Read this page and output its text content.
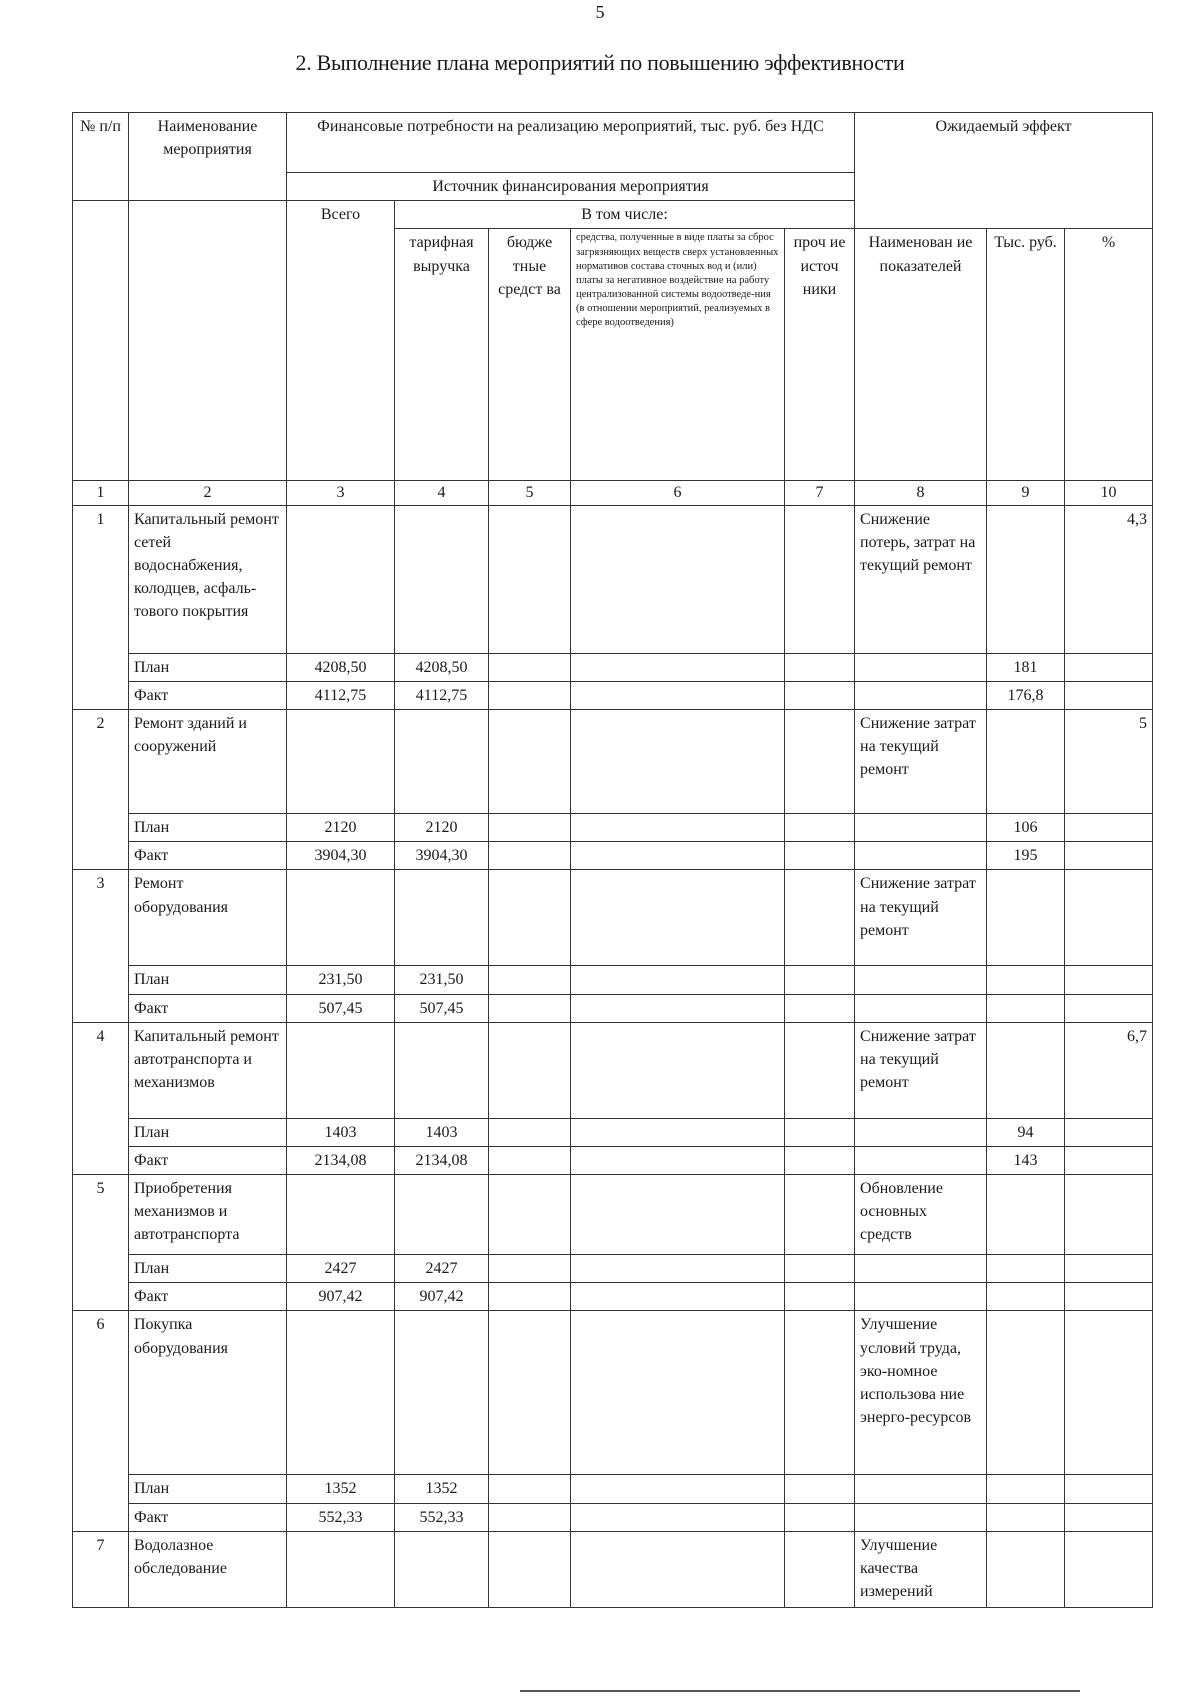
5
2. Выполнение плана мероприятий по повышению эффективности
№ п/п	Наименование мероприятия	Финансовые потребности на реализацию мероприятий, тыс. руб. без НДС					Ожидаемый эффект		
		Источник финансирования мероприятия							
		Всего	В том числе:						
			тарифная выручка	бюдже тные средст ва	средства, полученные в виде платы за сброс загрязняющих веществ сверх установленных нормативов состава сточных вод и (или) платы за негативное воздействие на работу централизованной системы водоотведе-ния (в отношении мероприятий, реализуемых в сфере водоотведения)	проч ие источ ники	Наименован ие показателей	Тыс. руб.	%
1	2	3	4	5	6	7	8	9	10
1	Капитальный ремонт сетей водоснабжения, колодцев, асфаль-тового покрытия						Снижение потерь, затрат на текущий ремонт		4,3
	План	4208,50	4208,50					181	
	Факт	4112,75	4112,75					176,8	
2	Ремонт зданий и сооружений						Снижение затрат на текущий ремонт		5
	План	2120	2120					106	
	Факт	3904,30	3904,30					195	
3	Ремонт оборудования						Снижение затрат на текущий ремонт		
	План	231,50	231,50						
	Факт	507,45	507,45						
4	Капитальный ремонт автотранспорта и механизмов						Снижение затрат на текущий ремонт		6,7
	План	1403	1403					94	
	Факт	2134,08	2134,08					143	
5	Приобретения механизмов и автотранспорта						Обновление основных средств		
	План	2427	2427						
	Факт	907,42	907,42						
6	Покупка оборудования						Улучшение условий труда, эко-номное использова ние энерго-ресурсов		
	План	1352	1352						
	Факт	552,33	552,33						
7	Водолазное обследование						Улучшение качества измерений		
